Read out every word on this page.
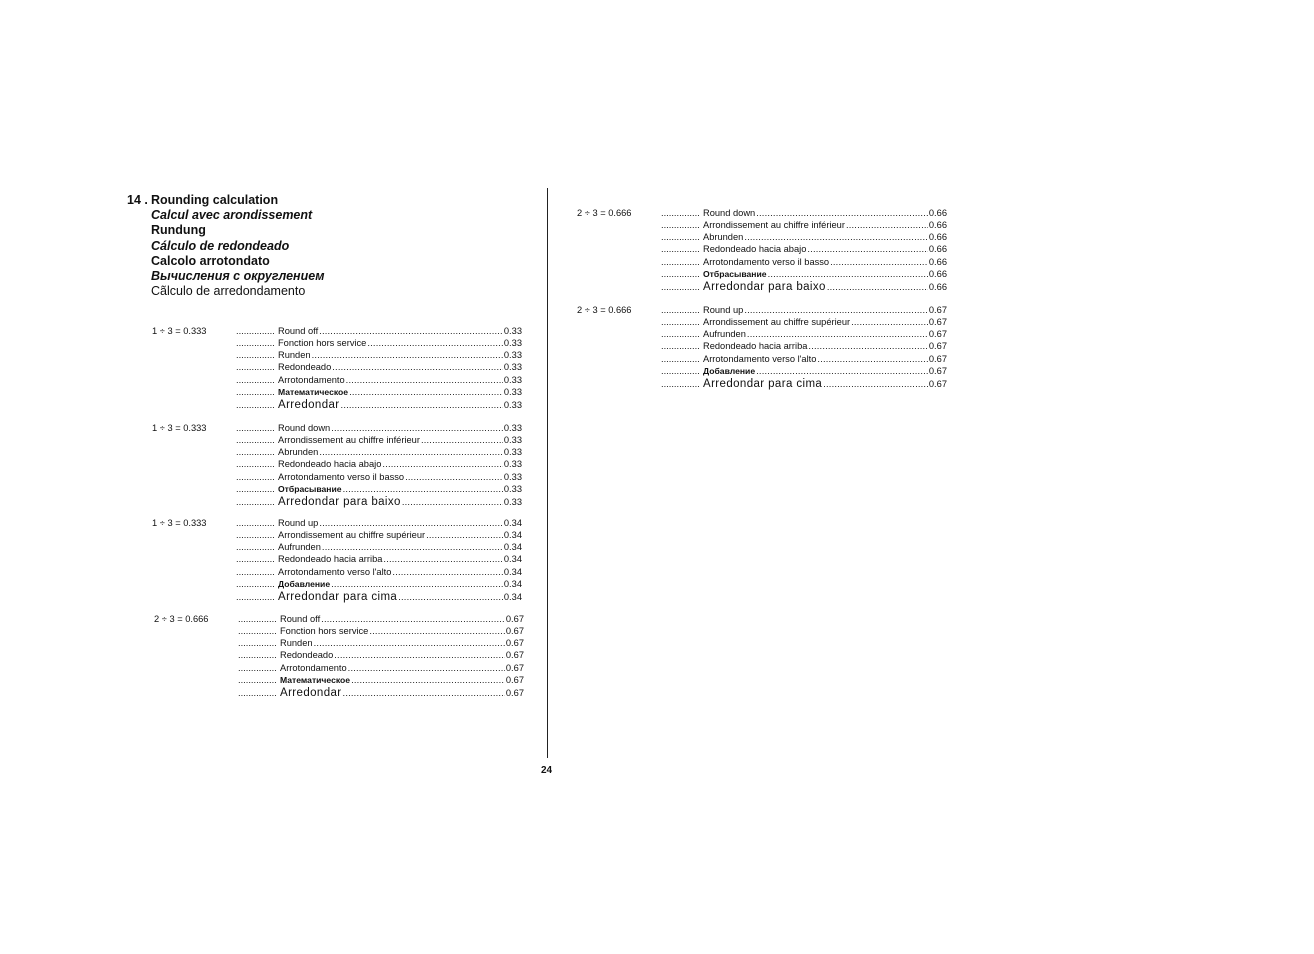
14 . Rounding calculation
Calcul avec arondissement
Rundung
Cálculo de redondeado
Calcolo arrotondato
Вычисления с округлением
Cãlculo de arredondamento
24
1 ÷ 3 = 0.333 .....	Round off .....	0.33
.....
Fonction hors service .....	0.33
.....
Runden .....	0.33
.....
Redondeado .....	0.33
.....
Arrotondamento .....	0.33
.....
Математическое .....	0.33
.....
Arredondar .....	0.33
1 ÷ 3 = 0.333 .....	Round down .....	0.33
.....
Arrondissement au chiffre inférieur .....	0.33
.....
Abrunden .....	0.33
.....
Redondeado hacia abajo .....	0.33
.....
Arrotondamento verso il basso .....	0.33
.....
Отбрасывание .....	0.33
.....
Arredondar para baixo .....	0.33
1 ÷ 3 = 0.333 .....	Round up .....	0.34
.....
Arrondissement au chiffre supérieur .....	0.34
.....
Aufrunden .....	0.34
.....
Redondeado hacia arriba .....	0.34
.....
Arrotondamento verso l'alto .....	0.34
.....
Добавление .....	0.34
.....
Arredondar para cima .....	0.34
2 ÷ 3 = 0.666 .....	Round off .....	0.67
.....
Fonction hors service .....	0.67
.....
Runden .....	0.67
.....
Redondeado .....	0.67
.....
Arrotondamento .....	0.67
.....
Математическое .....	0.67
.....
Arredondar .....	0.67
2 ÷ 3 = 0.666 .....	Round down .....	0.66
.....
Arrondissement au chiffre inférieur .....	0.66
.....
Abrunden .....	0.66
.....
Redondeado hacia abajo .....	0.66
.....
Arrotondamento verso il basso .....	0.66
.....
Отбрасывание .....	0.66
.....
Arredondar para baixo .....	0.66
2 ÷ 3 = 0.666 .....	Round up .....	0.67
.....
Arrondissement au chiffre supérieur .....	0.67
.....
Aufrunden .....	0.67
.....
Redondeado hacia arriba .....	0.67
.....
Arrotondamento verso l'alto .....	0.67
.....
Добавление .....	0.67
.....
Arredondar para cima .....	0.67
